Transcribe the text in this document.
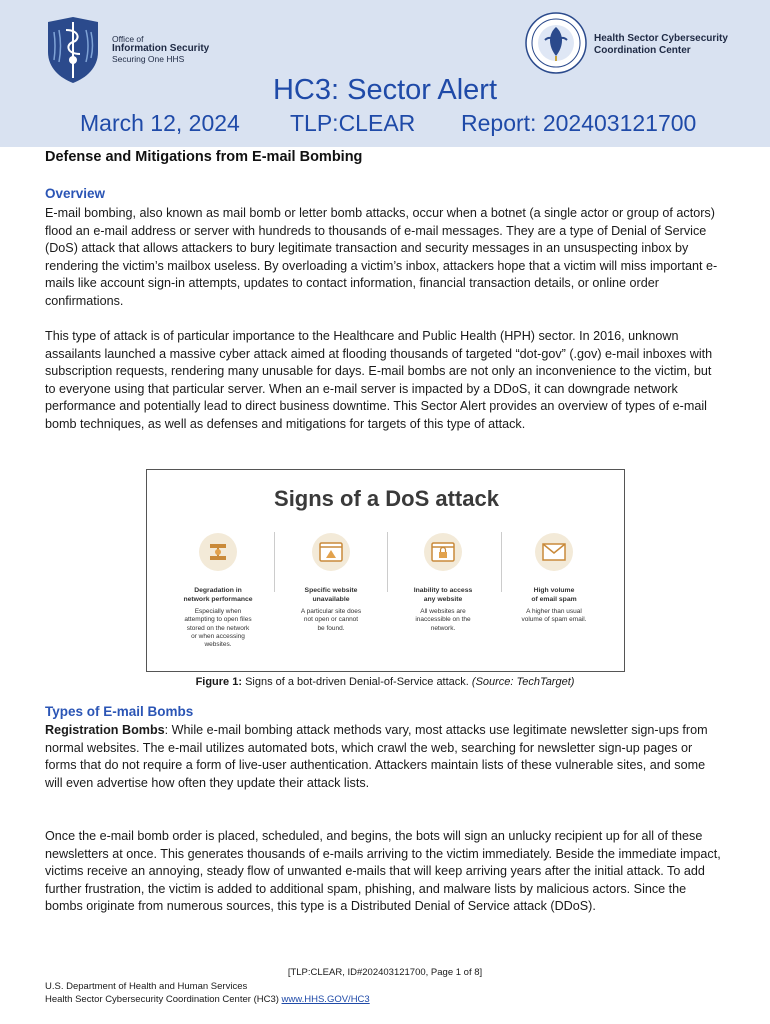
Office of
Information Security
Securing One HHS
Health Sector Cybersecurity
Coordination Center
HC3: Sector Alert
March 12, 2024 TLP:CLEAR Report: 202403121700
Defense and Mitigations from E-mail Bombing
Overview
E-mail bombing, also known as mail bomb or letter bomb attacks, occur when a botnet (a single actor or group of actors) flood an e-mail address or server with hundreds to thousands of e-mail messages. They are a type of Denial of Service (DoS) attack that allows attackers to bury legitimate transaction and security messages in an unsuspecting inbox by rendering the victim’s mailbox useless. By overloading a victim’s inbox, attackers hope that a victim will miss important e-mails like account sign-in attempts, updates to contact information, financial transaction details, or online order confirmations.
This type of attack is of particular importance to the Healthcare and Public Health (HPH) sector. In 2016, unknown assailants launched a massive cyber attack aimed at flooding thousands of targeted “dot-gov” (.gov) e-mail inboxes with subscription requests, rendering many unusable for days. E-mail bombs are not only an inconvenience to the victim, but to everyone using that particular server. When an e-mail server is impacted by a DDoS, it can downgrade network performance and potentially lead to direct business downtime. This Sector Alert provides an overview of types of e-mail bomb techniques, as well as defenses and mitigations for targets of this type of attack.
Signs of a DoS attack
Degradation in
network performance
Especially when
attempting to open files
stored on the network
or when accessing
websites.
Specific website
unavailable
A particular site does
not open or cannot
be found.
Inability to access
any website
All websites are
inaccessible on the
network.
High volume
of email spam
A higher than usual
volume of spam email.
Figure 1: Signs of a bot-driven Denial-of-Service attack. (Source: TechTarget)
Types of E-mail Bombs
Registration Bombs: While e-mail bombing attack methods vary, most attacks use legitimate newsletter sign-ups from normal websites. The e-mail utilizes automated bots, which crawl the web, searching for newsletter sign-up pages or forms that do not require a form of live-user authentication. Attackers maintain lists of these vulnerable sites, and some will even advertise how often they update their attack lists.
Once the e-mail bomb order is placed, scheduled, and begins, the bots will sign an unlucky recipient up for all of these newsletters at once. This generates thousands of e-mails arriving to the victim immediately. Beside the immediate impact, victims receive an annoying, steady flow of unwanted e-mails that will keep arriving years after the initial attack. To add further frustration, the victim is added to additional spam, phishing, and malware lists by malicious actors. Since the bombs originate from numerous sources, this type is a Distributed Denial of Service attack (DDoS).
[TLP:CLEAR, ID#202403121700, Page 1 of 8]
U.S. Department of Health and Human Services
Health Sector Cybersecurity Coordination Center (HC3) www.HHS.GOV/HC3
